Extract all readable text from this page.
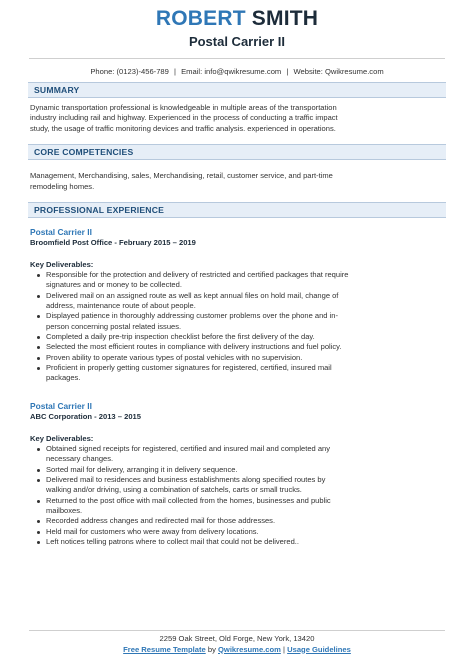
ROBERT SMITH
Postal Carrier II
Phone: (0123)-456-789 | Email: info@qwikresume.com | Website: Qwikresume.com
SUMMARY
Dynamic transportation professional is knowledgeable in multiple areas of the transportation
industry including rail and highway. Experienced in the process of conducting a traffic impact
study, the usage of traffic monitoring devices and traffic analysis. experienced in operations.
CORE COMPETENCIES
Management, Merchandising, sales, Merchandising, retail, customer service, and part-time
remodeling homes.
PROFESSIONAL EXPERIENCE
Postal Carrier II
Broomfield Post Office - February 2015 – 2019
Key Deliverables:
Responsible for the protection and delivery of restricted and certified packages that require
signatures and or money to be collected.
Delivered mail on an assigned route as well as kept annual files on hold mail, change of
address, maintenance route of about people.
Displayed patience in thoroughly addressing customer problems over the phone and in-
person concerning postal related issues.
Completed a daily pre-trip inspection checklist before the first delivery of the day.
Selected the most efficient routes in compliance with delivery instructions and fuel policy.
Proven ability to operate various types of postal vehicles with no supervision.
Proficient in properly getting customer signatures for registered, certified, insured mail
packages.
Postal Carrier II
ABC Corporation - 2013 – 2015
Key Deliverables:
Obtained signed receipts for registered, certified and insured mail and completed any
necessary changes.
Sorted mail for delivery, arranging it in delivery sequence.
Delivered mail to residences and business establishments along specified routes by
walking and/or driving, using a combination of satchels, carts or small trucks.
Returned to the post office with mail collected from the homes, businesses and public
mailboxes.
Recorded address changes and redirected mail for those addresses.
Held mail for customers who were away from delivery locations.
Left notices telling patrons where to collect mail that could not be delivered..
2259 Oak Street, Old Forge, New York, 13420
Free Resume Template by Qwikresume.com | Usage Guidelines
